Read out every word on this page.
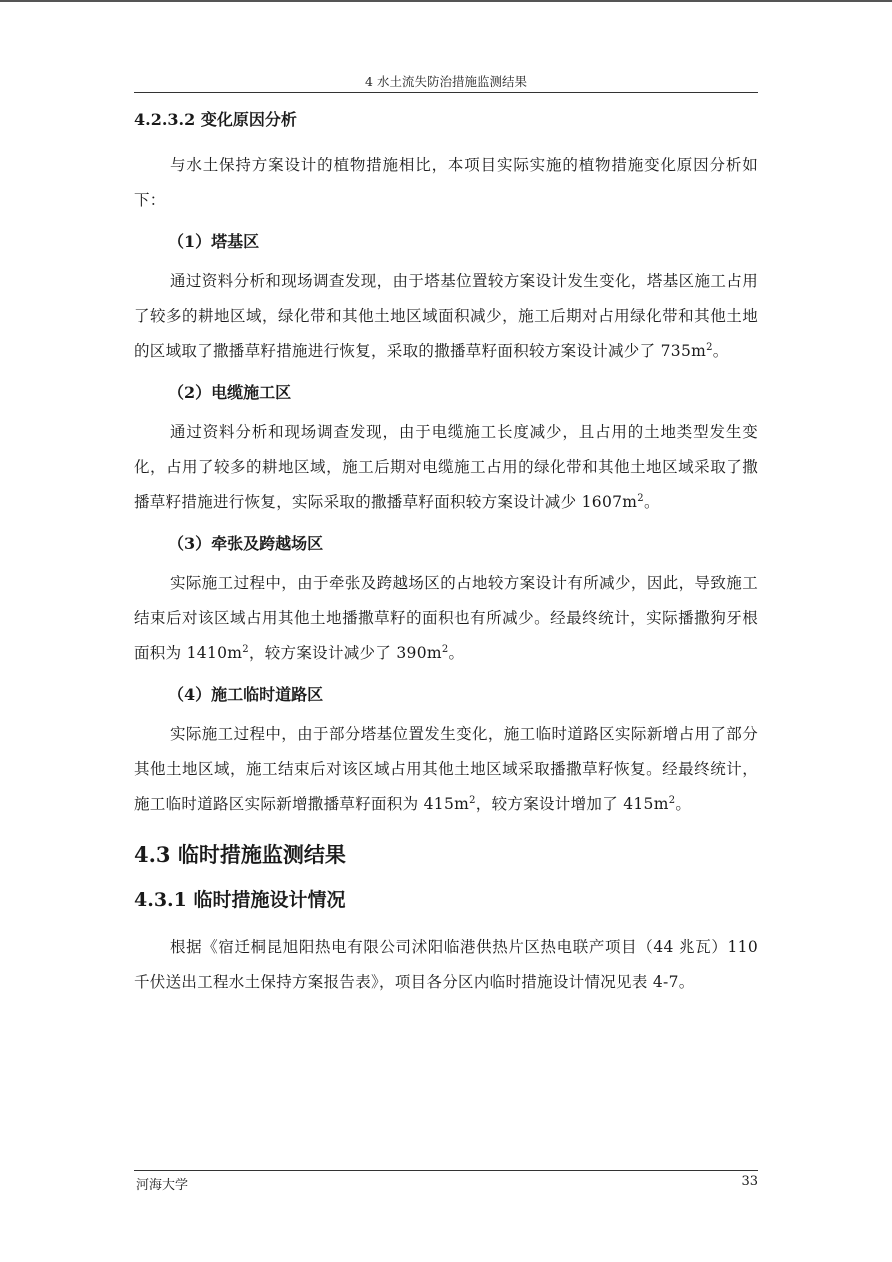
4 水土流失防治措施监测结果

4.2.3.2 变化原因分析

与水土保持方案设计的植物措施相比，本项目实际实施的植物措施变化原因分析如下：

（1）塔基区

通过资料分析和现场调查发现，由于塔基位置较方案设计发生变化，塔基区施工占用了较多的耕地区域，绿化带和其他土地区域面积减少，施工后期对占用绿化带和其他土地的区域取了撒播草籽措施进行恢复，采取的撒播草籽面积较方案设计减少了 $735m^2$。

（2）电缆施工区

通过资料分析和现场调查发现，由于电缆施工长度减少，且占用的土地类型发生变化，占用了较多的耕地区域，施工后期对电缆施工占用的绿化带和其他土地区域采取了撒播草籽措施进行恢复，实际采取的撒播草籽面积较方案设计减少 $1607m^2$。

（3）牵张及跨越场区

实际施工过程中，由于牵张及跨越场区的占地较方案设计有所减少，因此，导致施工结束后对该区域占用其他土地播撒草籽的面积也有所减少。经最终统计，实际播撒狗牙根面积为 $1410m^2$，较方案设计减少了 $390m^2$。

（4）施工临时道路区

实际施工过程中，由于部分塔基位置发生变化，施工临时道路区实际新增占用了部分其他土地区域，施工结束后对该区域占用其他土地区域采取播撒草籽恢复。经最终统计，施工临时道路区实际新增撒播草籽面积为 $415m^2$，较方案设计增加了 $415m^2$。

4.3 临时措施监测结果

4.3.1 临时措施设计情况

根据《宿迁桐昆旭阳热电有限公司沭阳临港供热片区热电联产项目（44 兆瓦）110 千伏送出工程水土保持方案报告表》，项目各分区内临时措施设计情况见表 4-7。

河海大学	33
